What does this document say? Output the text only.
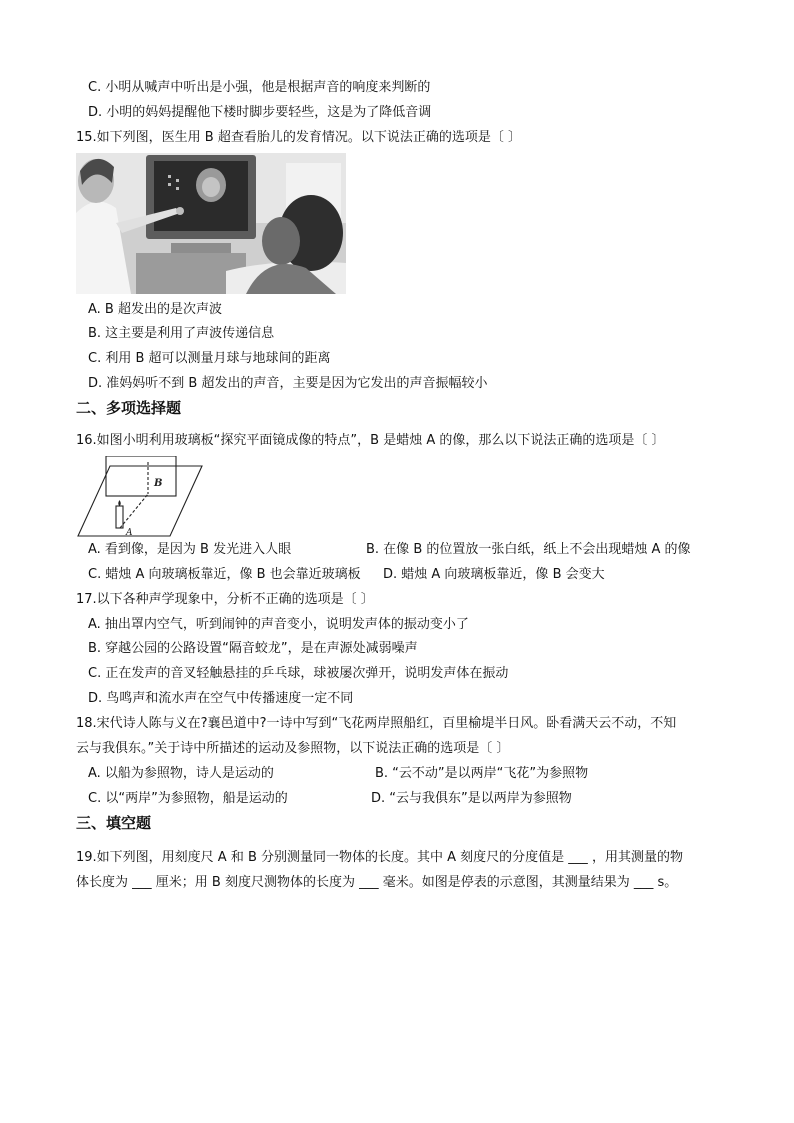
C. 小明从喊声中听出是小强，他是根据声音的响度来判断的
D. 小明的妈妈提醒他下楼时脚步要轻些，这是为了降低音调
15.如下列图，医生用 B 超查看胎儿的发育情况。以下说法正确的选项是〔 〕
A. B 超发出的是次声波
B. 这主要是利用了声波传递信息
C. 利用 B 超可以测量月球与地球间的距离
D. 准妈妈听不到 B 超发出的声音，主要是因为它发出的声音振幅较小
二、多项选择题
16.如图小明利用玻璃板“探究平面镜成像的特点”，B 是蜡烛 A 的像，那么以下说法正确的选项是〔 〕
B
A
A. 看到像，是因为 B 发光进入人眼	B. 在像 B 的位置放一张白纸，纸上不会出现蜡烛 A 的像
C. 蜡烛 A 向玻璃板靠近，像 B 也会靠近玻璃板 D. 蜡烛 A 向玻璃板靠近，像 B 会变大
17.以下各种声学现象中，分析不正确的选项是〔 〕
A. 抽出罩内空气，听到闹钟的声音变小，说明发声体的振动变小了
B. 穿越公园的公路设置“隔音蛟龙”，是在声源处减弱噪声
C. 正在发声的音叉轻触悬挂的乒乓球，球被屡次弹开，说明发声体在振动
D. 鸟鸣声和流水声在空气中传播速度一定不同
18.宋代诗人陈与义在?襄邑道中?一诗中写到“飞花两岸照船红，百里榆堤半日风。卧看满天云不动，不知
云与我俱东。”关于诗中所描述的运动及参照物，以下说法正确的选项是〔 〕
A. 以船为参照物，诗人是运动的	B. “云不动”是以两岸“飞花”为参照物
C. 以“两岸”为参照物，船是运动的	D. “云与我俱东”是以两岸为参照物
三、填空题
19.如下列图，用刻度尺 A 和 B 分别测量同一物体的长度。其中 A 刻度尺的分度值是 ___ ，用其测量的物
体长度为 ___ 厘米；用 B 刻度尺测物体的长度为 ___ 毫米。如图是停表的示意图，其测量结果为 ___ s。
